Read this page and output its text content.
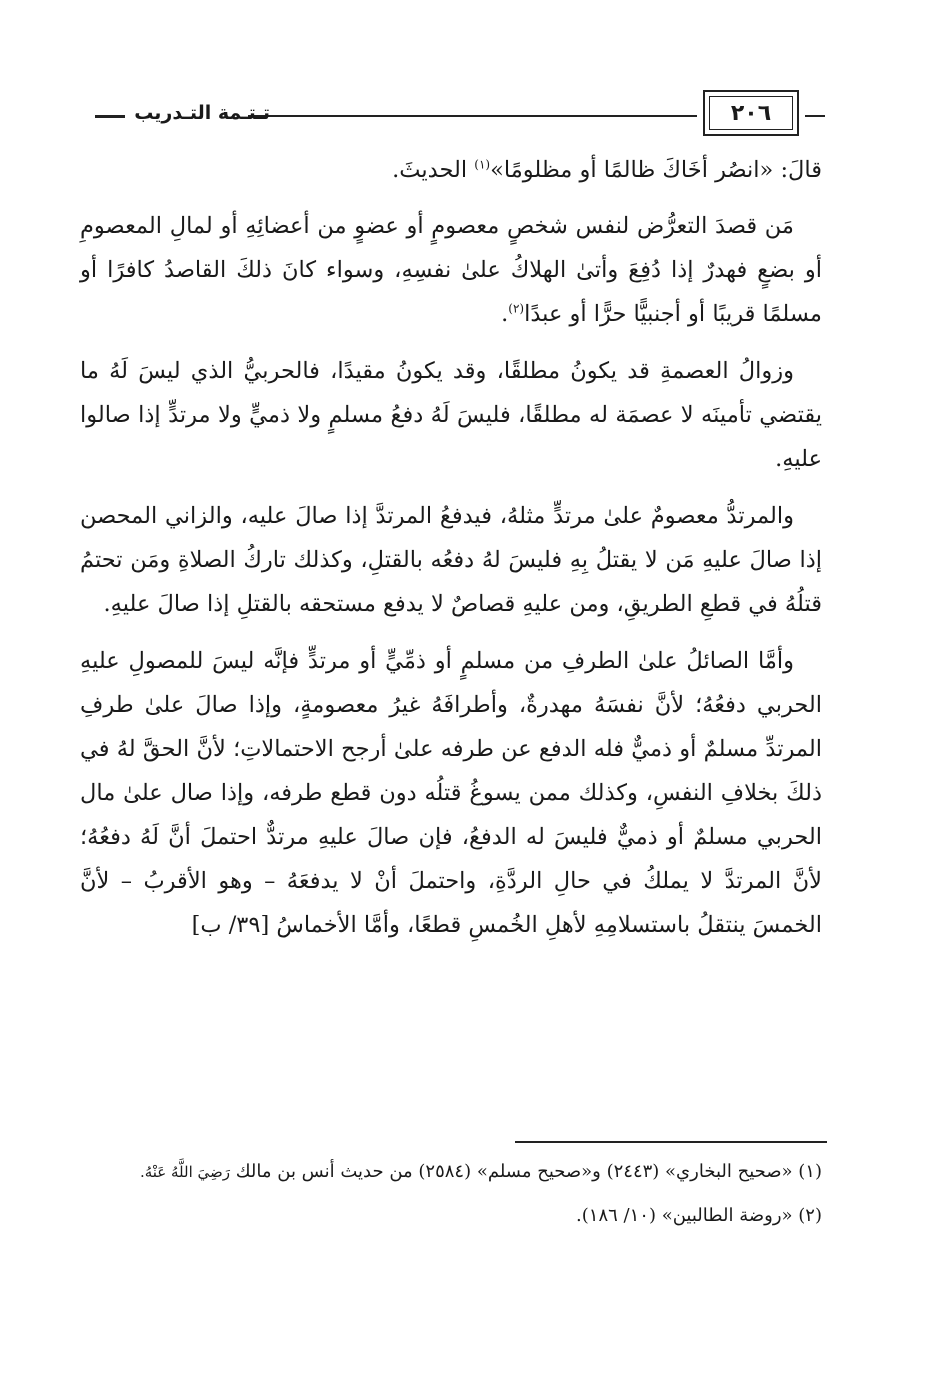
٢٠٦
تـتـمة التـدريب

قالَ: «انصُر أخَاكَ ظالمًا أو مظلومًا»$^{(١)}$ الحديثَ.

مَن قصدَ التعرُّض لنفس شخصٍ معصومٍ أو عضوٍ من أعضائِهِ أو لمالِ المعصومِ أو بضعٍ فهدرٌ إذا دُفِعَ وأتىٰ الهلاكُ علىٰ نفسِهِ، وسواء كانَ ذلكَ القاصدُ كافرًا أو مسلمًا قريبًا أو أجنبيًّا حرًّا أو عبدًا$^{(٢)}$.

وزوالُ العصمةِ قد يكونُ مطلقًا، وقد يكونُ مقيدًا، فالحربيُّ الذي ليسَ لَهُ ما يقتضي تأمينَه لا عصمَة له مطلقًا، فليسَ لَهُ دفعُ مسلمٍ ولا ذميٍّ ولا مرتدٍّ إذا صالوا عليهِ.

والمرتدُّ معصومٌ علىٰ مرتدٍّ مثلهُ، فيدفعُ المرتدَّ إذا صالَ عليه، والزاني المحصن إذا صالَ عليهِ مَن لا يقتلُ بِهِ فليسَ لهُ دفعُه بالقتلِ، وكذلك تاركُ الصلاةِ ومَن تحتمُ قتلُهُ في قطعِ الطريقِ، ومن عليهِ قصاصٌ لا يدفع مستحقه بالقتلِ إذا صالَ عليهِ.

وأمَّا الصائلُ علىٰ الطرفِ من مسلمٍ أو ذمِّيٍّ أو مرتدٍّ فإنَّه ليسَ للمصولِ عليهِ الحربي دفعُهُ؛ لأنَّ نفسَهُ مهدرةٌ، وأطرافَهُ غيرُ معصومةٍ، وإذا صالَ علىٰ طرفِ المرتدِّ مسلمٌ أو ذميٌّ فله الدفع عن طرفه علىٰ أرجح الاحتمالاتِ؛ لأنَّ الحقَّ لهُ في ذلكَ بخلافِ النفسِ، وكذلك ممن يسوغُ قتلُه دون قطع طرفه، وإذا صال علىٰ مال الحربي مسلمٌ أو ذميٌّ فليسَ له الدفعُ، فإن صالَ عليهِ مرتدٌّ احتملَ أنَّ لَهُ دفعُهُ؛ لأنَّ المرتدَّ لا يملكُ في حالِ الردَّةِ، واحتملَ أنْ لا يدفعَهُ – وهو الأقربُ – لأنَّ الخمسَ ينتقلُ باستسلامِهِ لأهلِ الخُمسِ قطعًا، وأمَّا الأخماسُ [٣٩/ ب]

(١) «صحيح البخاري» (٢٤٤٣) و«صحيح مسلم» (٢٥٨٤) من حديث أنس بن مالك رَضِيَ اللَّهُ عَنْهُ.

(٢) «روضة الطالبين» (١٠/ ١٨٦).
